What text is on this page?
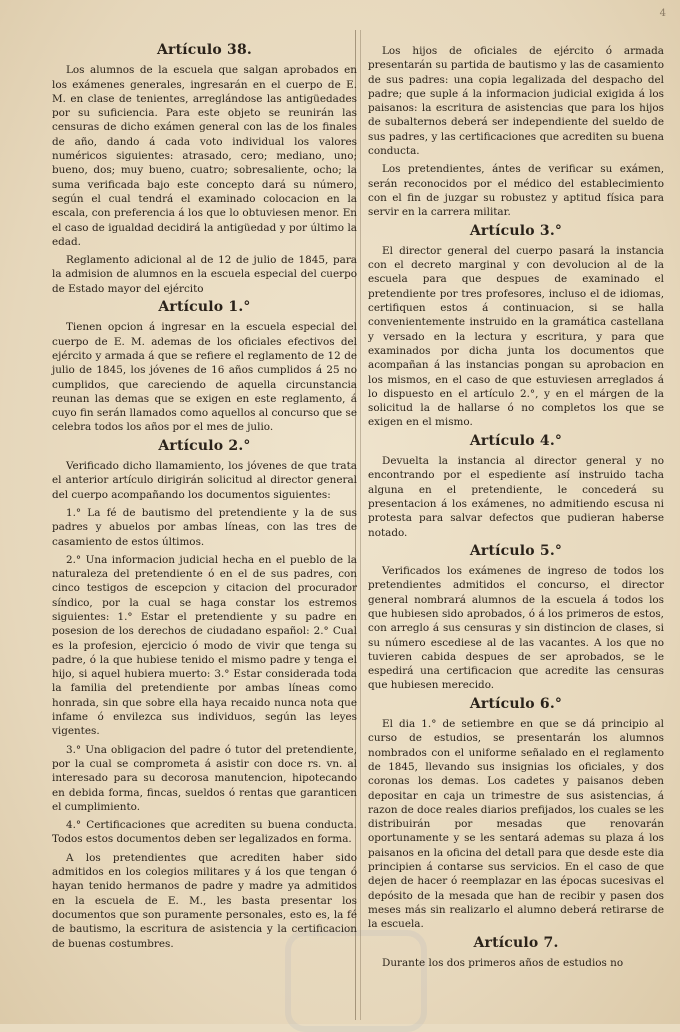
4
Artículo 38.

Los alumnos de la escuela que salgan aprobados en los exámenes generales, ingresarán en el cuerpo de E. M. en clase de tenientes, arreglándose las antigüedades por su suficiencia. Para este objeto se reunirán las censuras de dicho exámen general con las de los finales de año, dando á cada voto individual los valores numéricos siguientes: atrasado, cero; mediano, uno; bueno, dos; muy bueno, cuatro; sobresaliente, ocho; la suma verificada bajo este concepto dará su número, según el cual tendrá el examinado colocacion en la escala, con preferencia á los que lo obtuviesen menor. En el caso de igualdad decidirá la antigüedad y por último la edad.

Reglamento adicional al de 12 de julio de 1845, para la admision de alumnos en la escuela especial del cuerpo de Estado mayor del ejército

Artículo 1.°

Tienen opcion á ingresar en la escuela especial del cuerpo de E. M. ademas de los oficiales efectivos del ejército y armada á que se refiere el reglamento de 12 de julio de 1845, los jóvenes de 16 años cumplidos á 25 no cumplidos, que careciendo de aquella circunstancia reunan las demas que se exigen en este reglamento, á cuyo fin serán llamados como aquellos al concurso que se celebra todos los años por el mes de julio.

Artículo 2.°

Verificado dicho llamamiento, los jóvenes de que trata el anterior artículo dirigirán solicitud al director general del cuerpo acompañando los documentos siguientes:

1.° La fé de bautismo del pretendiente y la de sus padres y abuelos por ambas líneas, con las tres de casamiento de estos últimos.

2.° Una informacion judicial hecha en el pueblo de la naturaleza del pretendiente ó en el de sus padres, con cinco testigos de escepcion y citacion del procurador síndico, por la cual se haga constar los estremos siguientes: 1.° Estar el pretendiente y su padre en posesion de los derechos de ciudadano español: 2.° Cual es la profesion, ejercicio ó modo de vivir que tenga su padre, ó la que hubiese tenido el mismo padre y tenga el hijo, si aquel hubiera muerto: 3.° Estar considerada toda la familia del pretendiente por ambas líneas como honrada, sin que sobre ella haya recaido nunca nota que infame ó envilezca sus individuos, según las leyes vigentes.

3.° Una obligacion del padre ó tutor del pretendiente, por la cual se comprometa á asistir con doce rs. vn. al interesado para su decorosa manutencion, hipotecando en debida forma, fincas, sueldos ó rentas que garanticen el cumplimiento.

4.° Certificaciones que acrediten su buena conducta. Todos estos documentos deben ser legalizados en forma.

A los pretendientes que acrediten haber sido admitidos en los colegios militares y á los que tengan ó hayan tenido hermanos de padre y madre ya admitidos en la escuela de E. M., les basta presentar los documentos que son puramente personales, esto es, la fé de bautismo, la escritura de asistencia y la certificacion de buenas costumbres.

Los hijos de oficiales de ejército ó armada presentarán su partida de bautismo y las de casamiento de sus padres: una copia legalizada del despacho del padre; que suple á la informacion judicial exigida á los paisanos: la escritura de asistencias que para los hijos de subalternos deberá ser independiente del sueldo de sus padres, y las certificaciones que acrediten su buena conducta.

Los pretendientes, ántes de verificar su exámen, serán reconocidos por el médico del establecimiento con el fin de juzgar su robustez y aptitud física para servir en la carrera militar.

Artículo 3.°

El director general del cuerpo pasará la instancia con el decreto marginal y con devolucion al de la escuela para que despues de examinado el pretendiente por tres profesores, incluso el de idiomas, certifiquen estos á continuacion, si se halla convenientemente instruido en la gramática castellana y versado en la lectura y escritura, y para que examinados por dicha junta los documentos que acompañan á las instancias pongan su aprobacion en los mismos, en el caso de que estuviesen arreglados á lo dispuesto en el artículo 2.°, y en el márgen de la solicitud la de hallarse ó no completos los que se exigen en el mismo.

Artículo 4.°

Devuelta la instancia al director general y no encontrando por el espediente así instruido tacha alguna en el pretendiente, le concederá su presentacion á los exámenes, no admitiendo escusa ni protesta para salvar defectos que pudieran haberse notado.

Artículo 5.°

Verificados los exámenes de ingreso de todos los pretendientes admitidos el concurso, el director general nombrará alumnos de la escuela á todos los que hubiesen sido aprobados, ó á los primeros de estos, con arreglo á sus censuras y sin distincion de clases, si su número escediese al de las vacantes. A los que no tuvieren cabida despues de ser aprobados, se le espedirá una certificacion que acredite las censuras que hubiesen merecido.

Artículo 6.°

El dia 1.° de setiembre en que se dá principio al curso de estudios, se presentarán los alumnos nombrados con el uniforme señalado en el reglamento de 1845, llevando sus insignias los oficiales, y dos coronas los demas. Los cadetes y paisanos deben depositar en caja un trimestre de sus asistencias, á razon de doce reales diarios prefijados, los cuales se les distribuirán por mesadas que renovarán oportunamente y se les sentará ademas su plaza á los paisanos en la oficina del detall para que desde este dia principien á contarse sus servicios. En el caso de que dejen de hacer ó reemplazar en las épocas sucesivas el depósito de la mesada que han de recibir y pasen dos meses más sin realizarlo el alumno deberá retirarse de la escuela.

Artículo 7.

Durante los dos primeros años de estudios no
